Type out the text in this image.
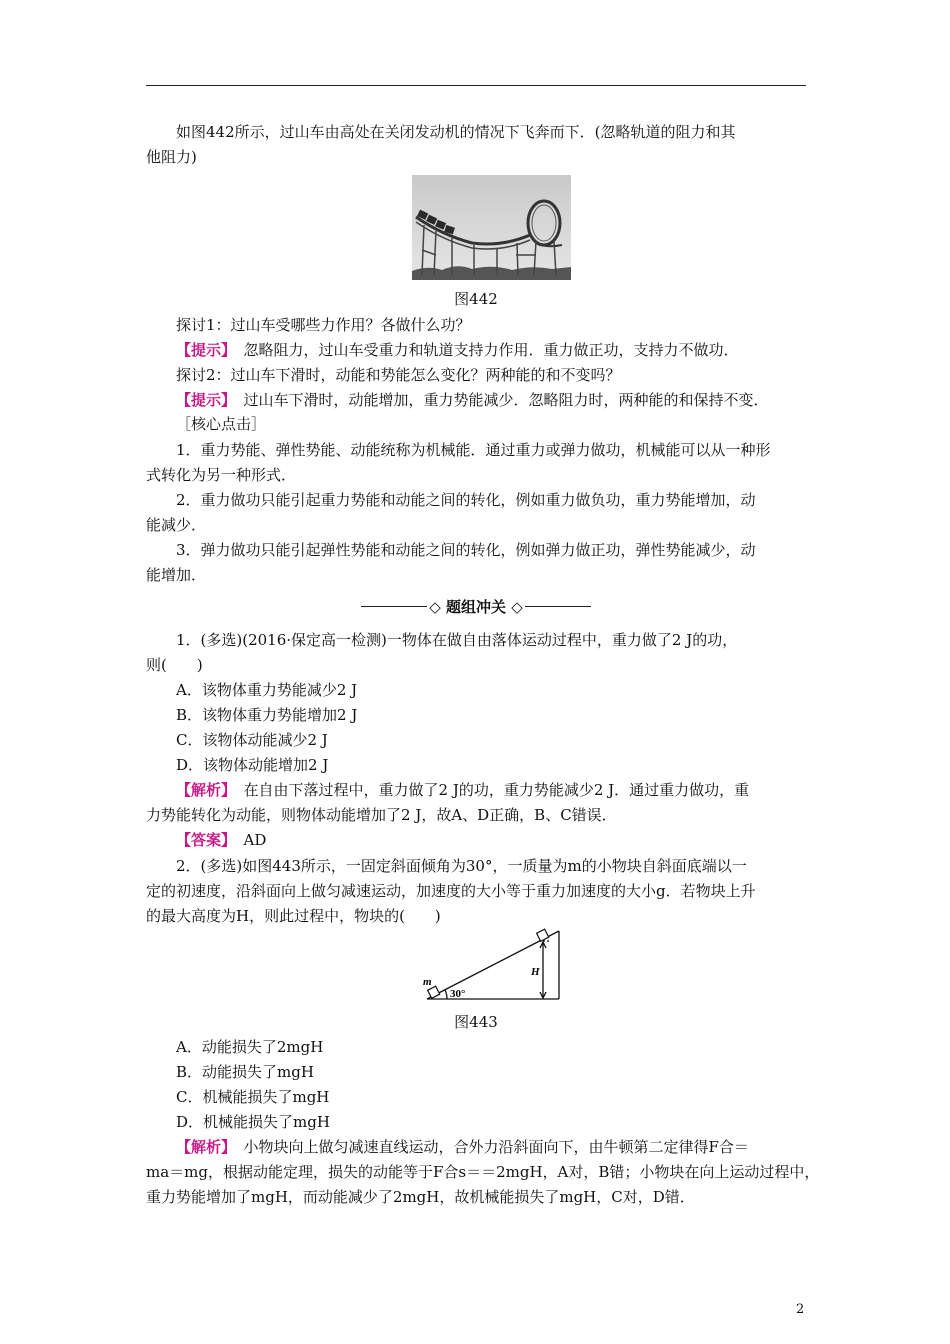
如图442所示，过山车由高处在关闭发动机的情况下飞奔而下．(忽略轨道的阻力和其
他阻力)
图442
探讨1：过山车受哪些力作用？各做什么功？
【提示】　忽略阻力，过山车受重力和轨道支持力作用．重力做正功，支持力不做功．
探讨2：过山车下滑时，动能和势能怎么变化？两种能的和不变吗？
【提示】　过山车下滑时，动能增加，重力势能减少．忽略阻力时，两种能的和保持不变．
［核心点击］
1．重力势能、弹性势能、动能统称为机械能．通过重力或弹力做功，机械能可以从一种形
式转化为另一种形式．
2．重力做功只能引起重力势能和动能之间的转化，例如重力做负功，重力势能增加，动
能减少．
3．弹力做功只能引起弹性势能和动能之间的转化，例如弹力做正功，弹性势能减少，动
能增加．
◇ 题组冲关 ◇
1．(多选)(2016·保定高一检测)一物体在做自由落体运动过程中，重力做了2 J的功，
则(　　)
A．该物体重力势能减少2 J
B．该物体重力势能增加2 J
C．该物体动能减少2 J
D．该物体动能增加2 J
【解析】　在自由下落过程中，重力做了2 J的功，重力势能减少2 J．通过重力做功，重
力势能转化为动能，则物体动能增加了2 J，故A、D正确，B、C错误．
【答案】　AD
2．(多选)如图443所示，一固定斜面倾角为30°，一质量为m的小物块自斜面底端以一
定的初速度，沿斜面向上做匀减速运动，加速度的大小等于重力加速度的大小g．若物块上升
的最大高度为H，则此过程中，物块的(　　)
m
30°
H
图443
A．动能损失了2mgH
B．动能损失了mgH
C．机械能损失了mgH
D．机械能损失了mgH
【解析】　小物块向上做匀减速直线运动，合外力沿斜面向下，由牛顿第二定律得F合＝
ma＝mg，根据动能定理，损失的动能等于F合s＝＝2mgH，A对，B错；小物块在向上运动过程中，
重力势能增加了mgH，而动能减少了2mgH，故机械能损失了mgH，C对，D错．
2
